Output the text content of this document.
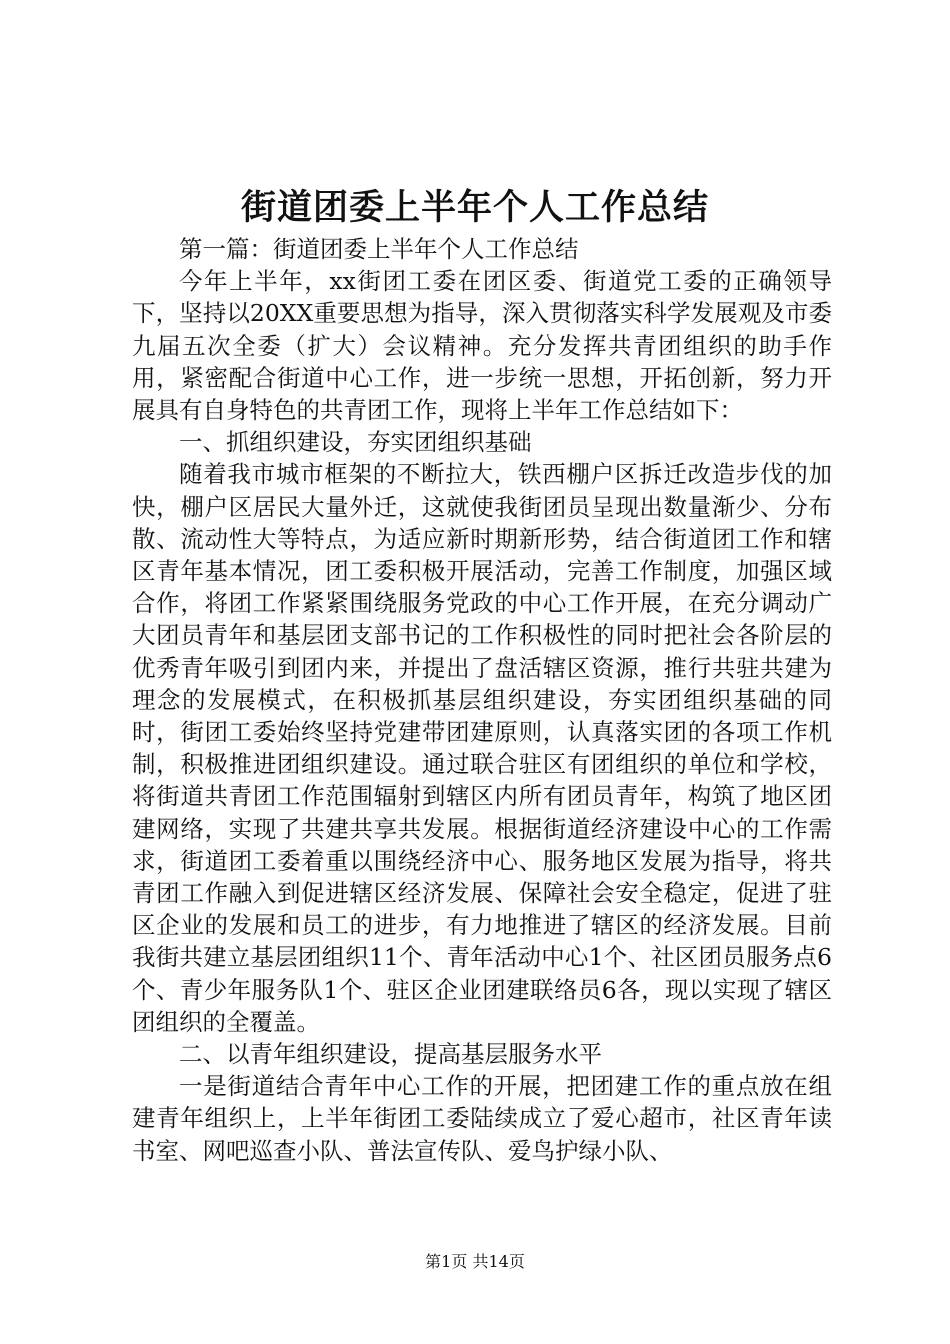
街道团委上半年个人工作总结

第一篇：街道团委上半年个人工作总结

今年上半年，xx街团工委在团区委、街道党工委的正确领导下，坚持以20XX重要思想为指导，深入贯彻落实科学发展观及市委九届五次全委（扩大）会议精神。充分发挥共青团组织的助手作用，紧密配合街道中心工作，进一步统一思想，开拓创新，努力开展具有自身特色的共青团工作，现将上半年工作总结如下：

一、抓组织建设，夯实团组织基础

随着我市城市框架的不断拉大，铁西棚户区拆迁改造步伐的加快，棚户区居民大量外迁，这就使我街团员呈现出数量渐少、分布散、流动性大等特点，为适应新时期新形势，结合街道团工作和辖区青年基本情况，团工委积极开展活动，完善工作制度，加强区域合作，将团工作紧紧围绕服务党政的中心工作开展，在充分调动广大团员青年和基层团支部书记的工作积极性的同时把社会各阶层的优秀青年吸引到团内来，并提出了盘活辖区资源，推行共驻共建为理念的发展模式，在积极抓基层组织建设，夯实团组织基础的同时，街团工委始终坚持党建带团建原则，认真落实团的各项工作机制，积极推进团组织建设。通过联合驻区有团组织的单位和学校，将街道共青团工作范围辐射到辖区内所有团员青年，构筑了地区团建网络，实现了共建共享共发展。根据街道经济建设中心的工作需求，街道团工委着重以围绕经济中心、服务地区发展为指导，将共青团工作融入到促进辖区经济发展、保障社会安全稳定，促进了驻区企业的发展和员工的进步，有力地推进了辖区的经济发展。目前我街共建立基层团组织11个、青年活动中心1个、社区团员服务点6个、青少年服务队1个、驻区企业团建联络员6各，现以实现了辖区团组织的全覆盖。

二、以青年组织建设，提高基层服务水平

一是街道结合青年中心工作的开展，把团建工作的重点放在组建青年组织上，上半年街团工委陆续成立了爱心超市，社区青年读书室、网吧巡查小队、普法宣传队、爱鸟护绿小队、

第1页 共14页
